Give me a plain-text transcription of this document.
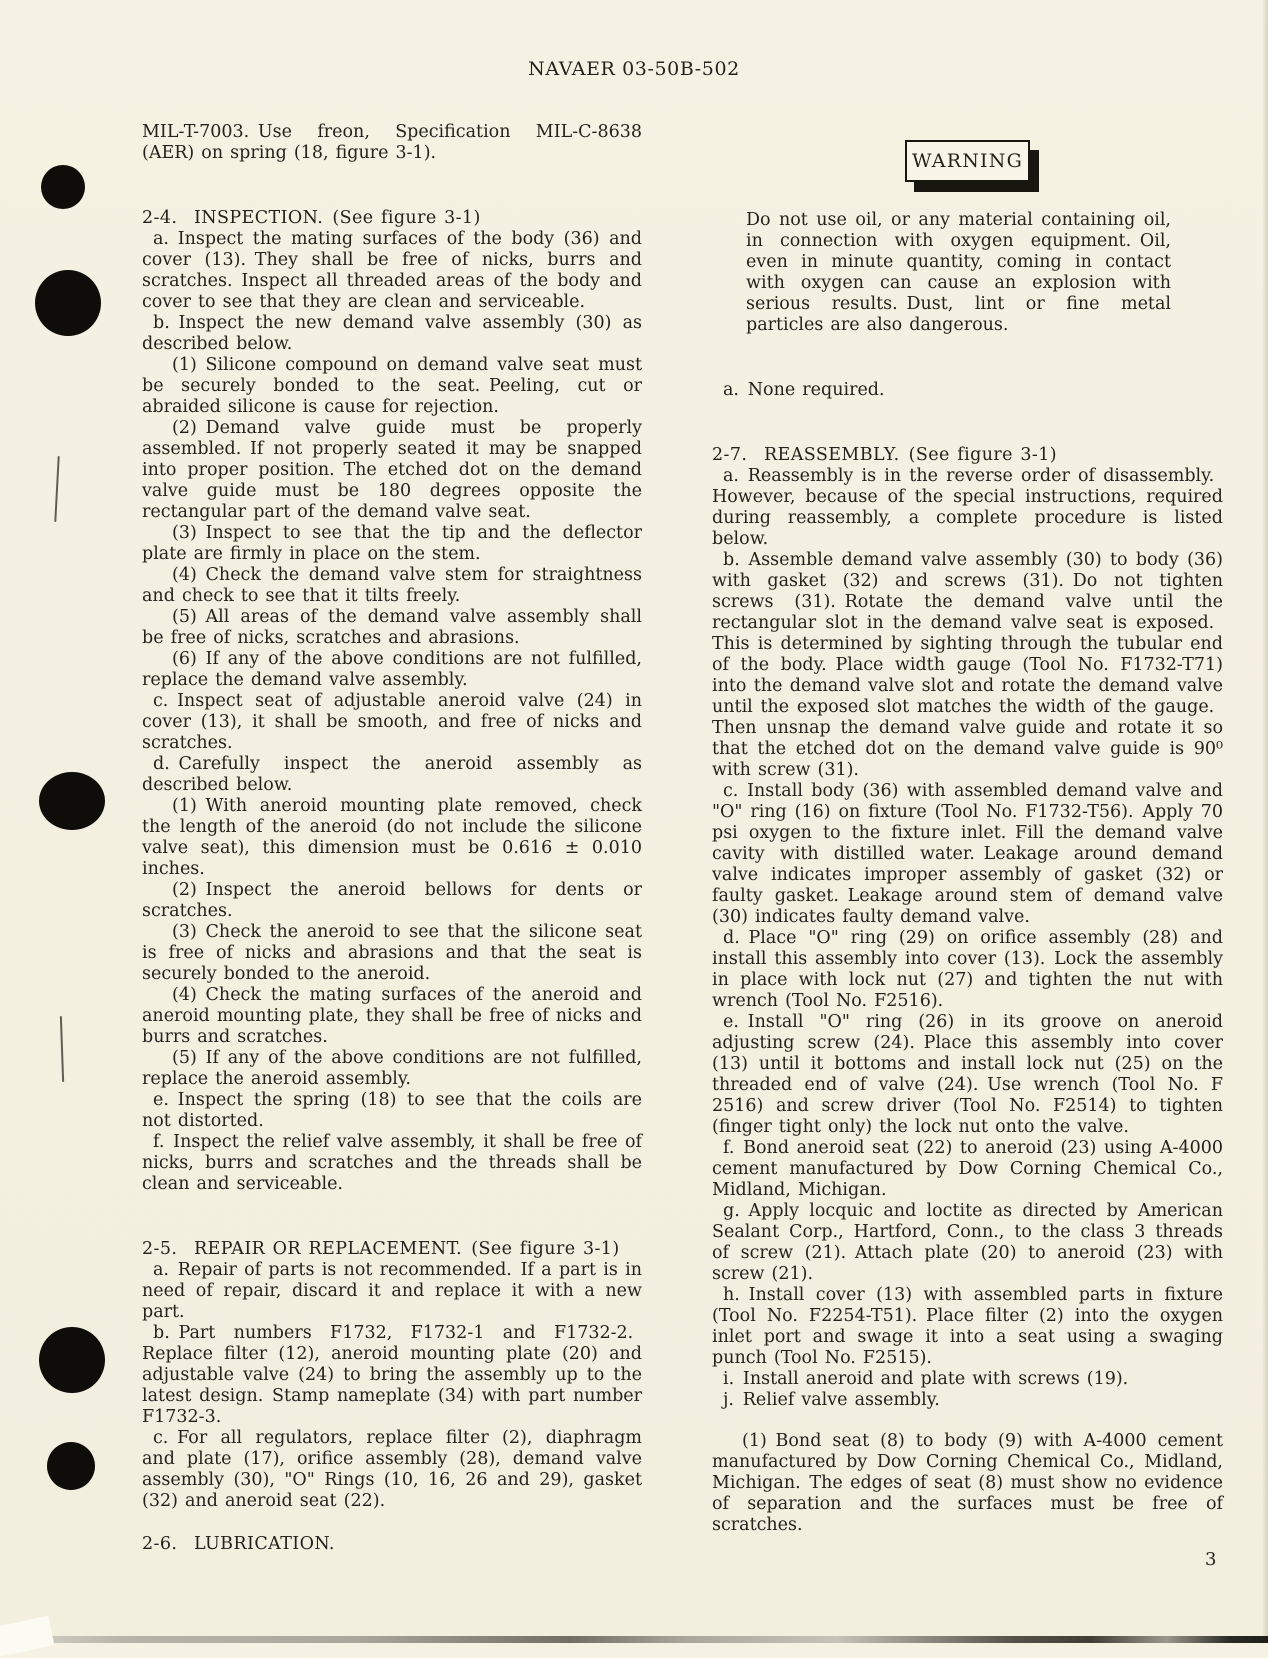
NAVAER 03-50B-502

MIL-T-7003. Use freon, Specification MIL-C-8638 (AER) on spring (18, figure 3-1).

2-4.  INSPECTION. (See figure 3-1)

a. Inspect the mating surfaces of the body (36) and cover (13). They shall be free of nicks, burrs and scratches. Inspect all threaded areas of the body and cover to see that they are clean and serviceable.

b. Inspect the new demand valve assembly (30) as described below.

(1) Silicone compound on demand valve seat must be securely bonded to the seat. Peeling, cut or abraided silicone is cause for rejection.

(2) Demand valve guide must be properly assembled. If not properly seated it may be snapped into proper position. The etched dot on the demand valve guide must be 180 degrees opposite the rectangular part of the demand valve seat.

(3) Inspect to see that the tip and the deflector plate are firmly in place on the stem.

(4) Check the demand valve stem for straightness and check to see that it tilts freely.

(5) All areas of the demand valve assembly shall be free of nicks, scratches and abrasions.

(6) If any of the above conditions are not fulfilled, replace the demand valve assembly.

c. Inspect seat of adjustable aneroid valve (24) in cover (13), it shall be smooth, and free of nicks and scratches.

d. Carefully inspect the aneroid assembly as described below.

(1) With aneroid mounting plate removed, check the length of the aneroid (do not include the silicone valve seat), this dimension must be 0.616 ± 0.010 inches.

(2) Inspect the aneroid bellows for dents or scratches.

(3) Check the aneroid to see that the silicone seat is free of nicks and abrasions and that the seat is securely bonded to the aneroid.

(4) Check the mating surfaces of the aneroid and aneroid mounting plate, they shall be free of nicks and burrs and scratches.

(5) If any of the above conditions are not fulfilled, replace the aneroid assembly.

e. Inspect the spring (18) to see that the coils are not distorted.

f. Inspect the relief valve assembly, it shall be free of nicks, burrs and scratches and the threads shall be clean and serviceable.

2-5.  REPAIR OR REPLACEMENT. (See figure 3-1)

a. Repair of parts is not recommended. If a part is in need of repair, discard it and replace it with a new part.

b. Part numbers F1732, F1732-1 and F1732-2. Replace filter (12), aneroid mounting plate (20) and adjustable valve (24) to bring the assembly up to the latest design. Stamp nameplate (34) with part number F1732-3.

c. For all regulators, replace filter (2), diaphragm and plate (17), orifice assembly (28), demand valve assembly (30), "O" Rings (10, 16, 26 and 29), gasket (32) and aneroid seat (22).

2-6.  LUBRICATION.

WARNING

Do not use oil, or any material containing oil, in connection with oxygen equipment. Oil, even in minute quantity, coming in contact with oxygen can cause an explosion with serious results. Dust, lint or fine metal particles are also dangerous.

a. None required.

2-7.  REASSEMBLY. (See figure 3-1)

a. Reassembly is in the reverse order of disassembly. However, because of the special instructions, required during reassembly, a complete procedure is listed below.

b. Assemble demand valve assembly (30) to body (36) with gasket (32) and screws (31). Do not tighten screws (31). Rotate the demand valve until the rectangular slot in the demand valve seat is exposed. This is determined by sighting through the tubular end of the body. Place width gauge (Tool No. F1732-T71) into the demand valve slot and rotate the demand valve until the exposed slot matches the width of the gauge. Then unsnap the demand valve guide and rotate it so that the etched dot on the demand valve guide is 90⁰ with screw (31).

c. Install body (36) with assembled demand valve and "O" ring (16) on fixture (Tool No. F1732-T56). Apply 70 psi oxygen to the fixture inlet. Fill the demand valve cavity with distilled water. Leakage around demand valve indicates improper assembly of gasket (32) or faulty gasket. Leakage around stem of demand valve (30) indicates faulty demand valve.

d. Place "O" ring (29) on orifice assembly (28) and install this assembly into cover (13). Lock the assembly in place with lock nut (27) and tighten the nut with wrench (Tool No. F2516).

e. Install "O" ring (26) in its groove on aneroid adjusting screw (24). Place this assembly into cover (13) until it bottoms and install lock nut (25) on the threaded end of valve (24). Use wrench (Tool No. F 2516) and screw driver (Tool No. F2514) to tighten (finger tight only) the lock nut onto the valve.

f. Bond aneroid seat (22) to aneroid (23) using A-4000 cement manufactured by Dow Corning Chemical Co., Midland, Michigan.

g. Apply locquic and loctite as directed by American Sealant Corp., Hartford, Conn., to the class 3 threads of screw (21). Attach plate (20) to aneroid (23) with screw (21).

h. Install cover (13) with assembled parts in fixture (Tool No. F2254-T51). Place filter (2) into the oxygen inlet port and swage it into a seat using a swaging punch (Tool No. F2515).

i. Install aneroid and plate with screws (19).

j. Relief valve assembly.

(1) Bond seat (8) to body (9) with A-4000 cement manufactured by Dow Corning Chemical Co., Midland, Michigan. The edges of seat (8) must show no evidence of separation and the surfaces must be free of scratches.

3
